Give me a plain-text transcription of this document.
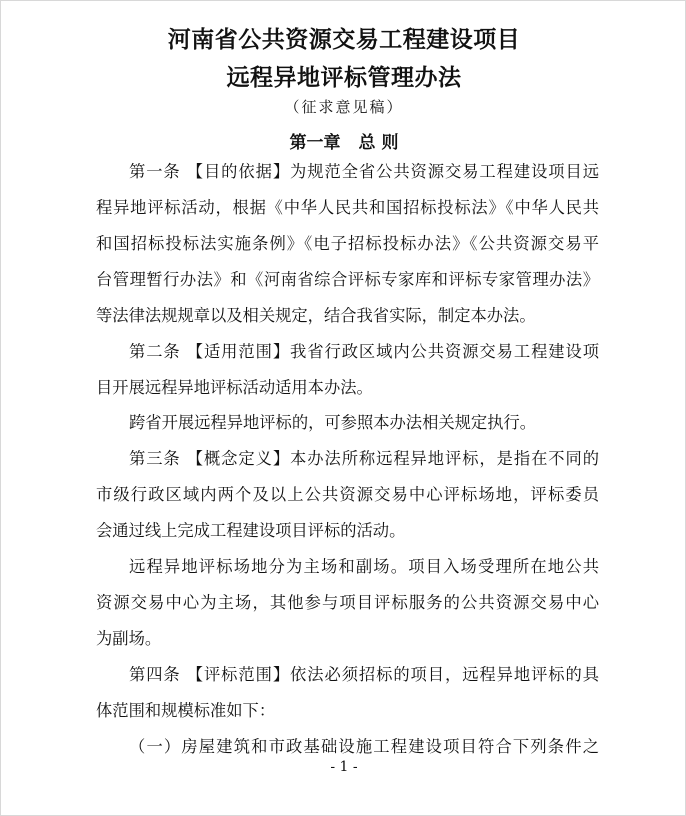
河南省公共资源交易工程建设项目
远程异地评标管理办法
（征求意见稿）
第一章 总 则
第一条 【目的依据】为规范全省公共资源交易工程建设项目远
程异地评标活动，根据《中华人民共和国招标投标法》《中华人民共
和国招标投标法实施条例》《电子招标投标办法》《公共资源交易平
台管理暂行办法》和《河南省综合评标专家库和评标专家管理办法》
等法律法规规章以及相关规定，结合我省实际，制定本办法。
第二条 【适用范围】我省行政区域内公共资源交易工程建设项
目开展远程异地评标活动适用本办法。
跨省开展远程异地评标的，可参照本办法相关规定执行。
第三条 【概念定义】本办法所称远程异地评标，是指在不同的
市级行政区域内两个及以上公共资源交易中心评标场地，评标委员
会通过线上完成工程建设项目评标的活动。
远程异地评标场地分为主场和副场。项目入场受理所在地公共
资源交易中心为主场，其他参与项目评标服务的公共资源交易中心
为副场。
第四条 【评标范围】依法必须招标的项目，远程异地评标的具
体范围和规模标准如下：
（一）房屋建筑和市政基础设施工程建设项目符合下列条件之
- 1 -
